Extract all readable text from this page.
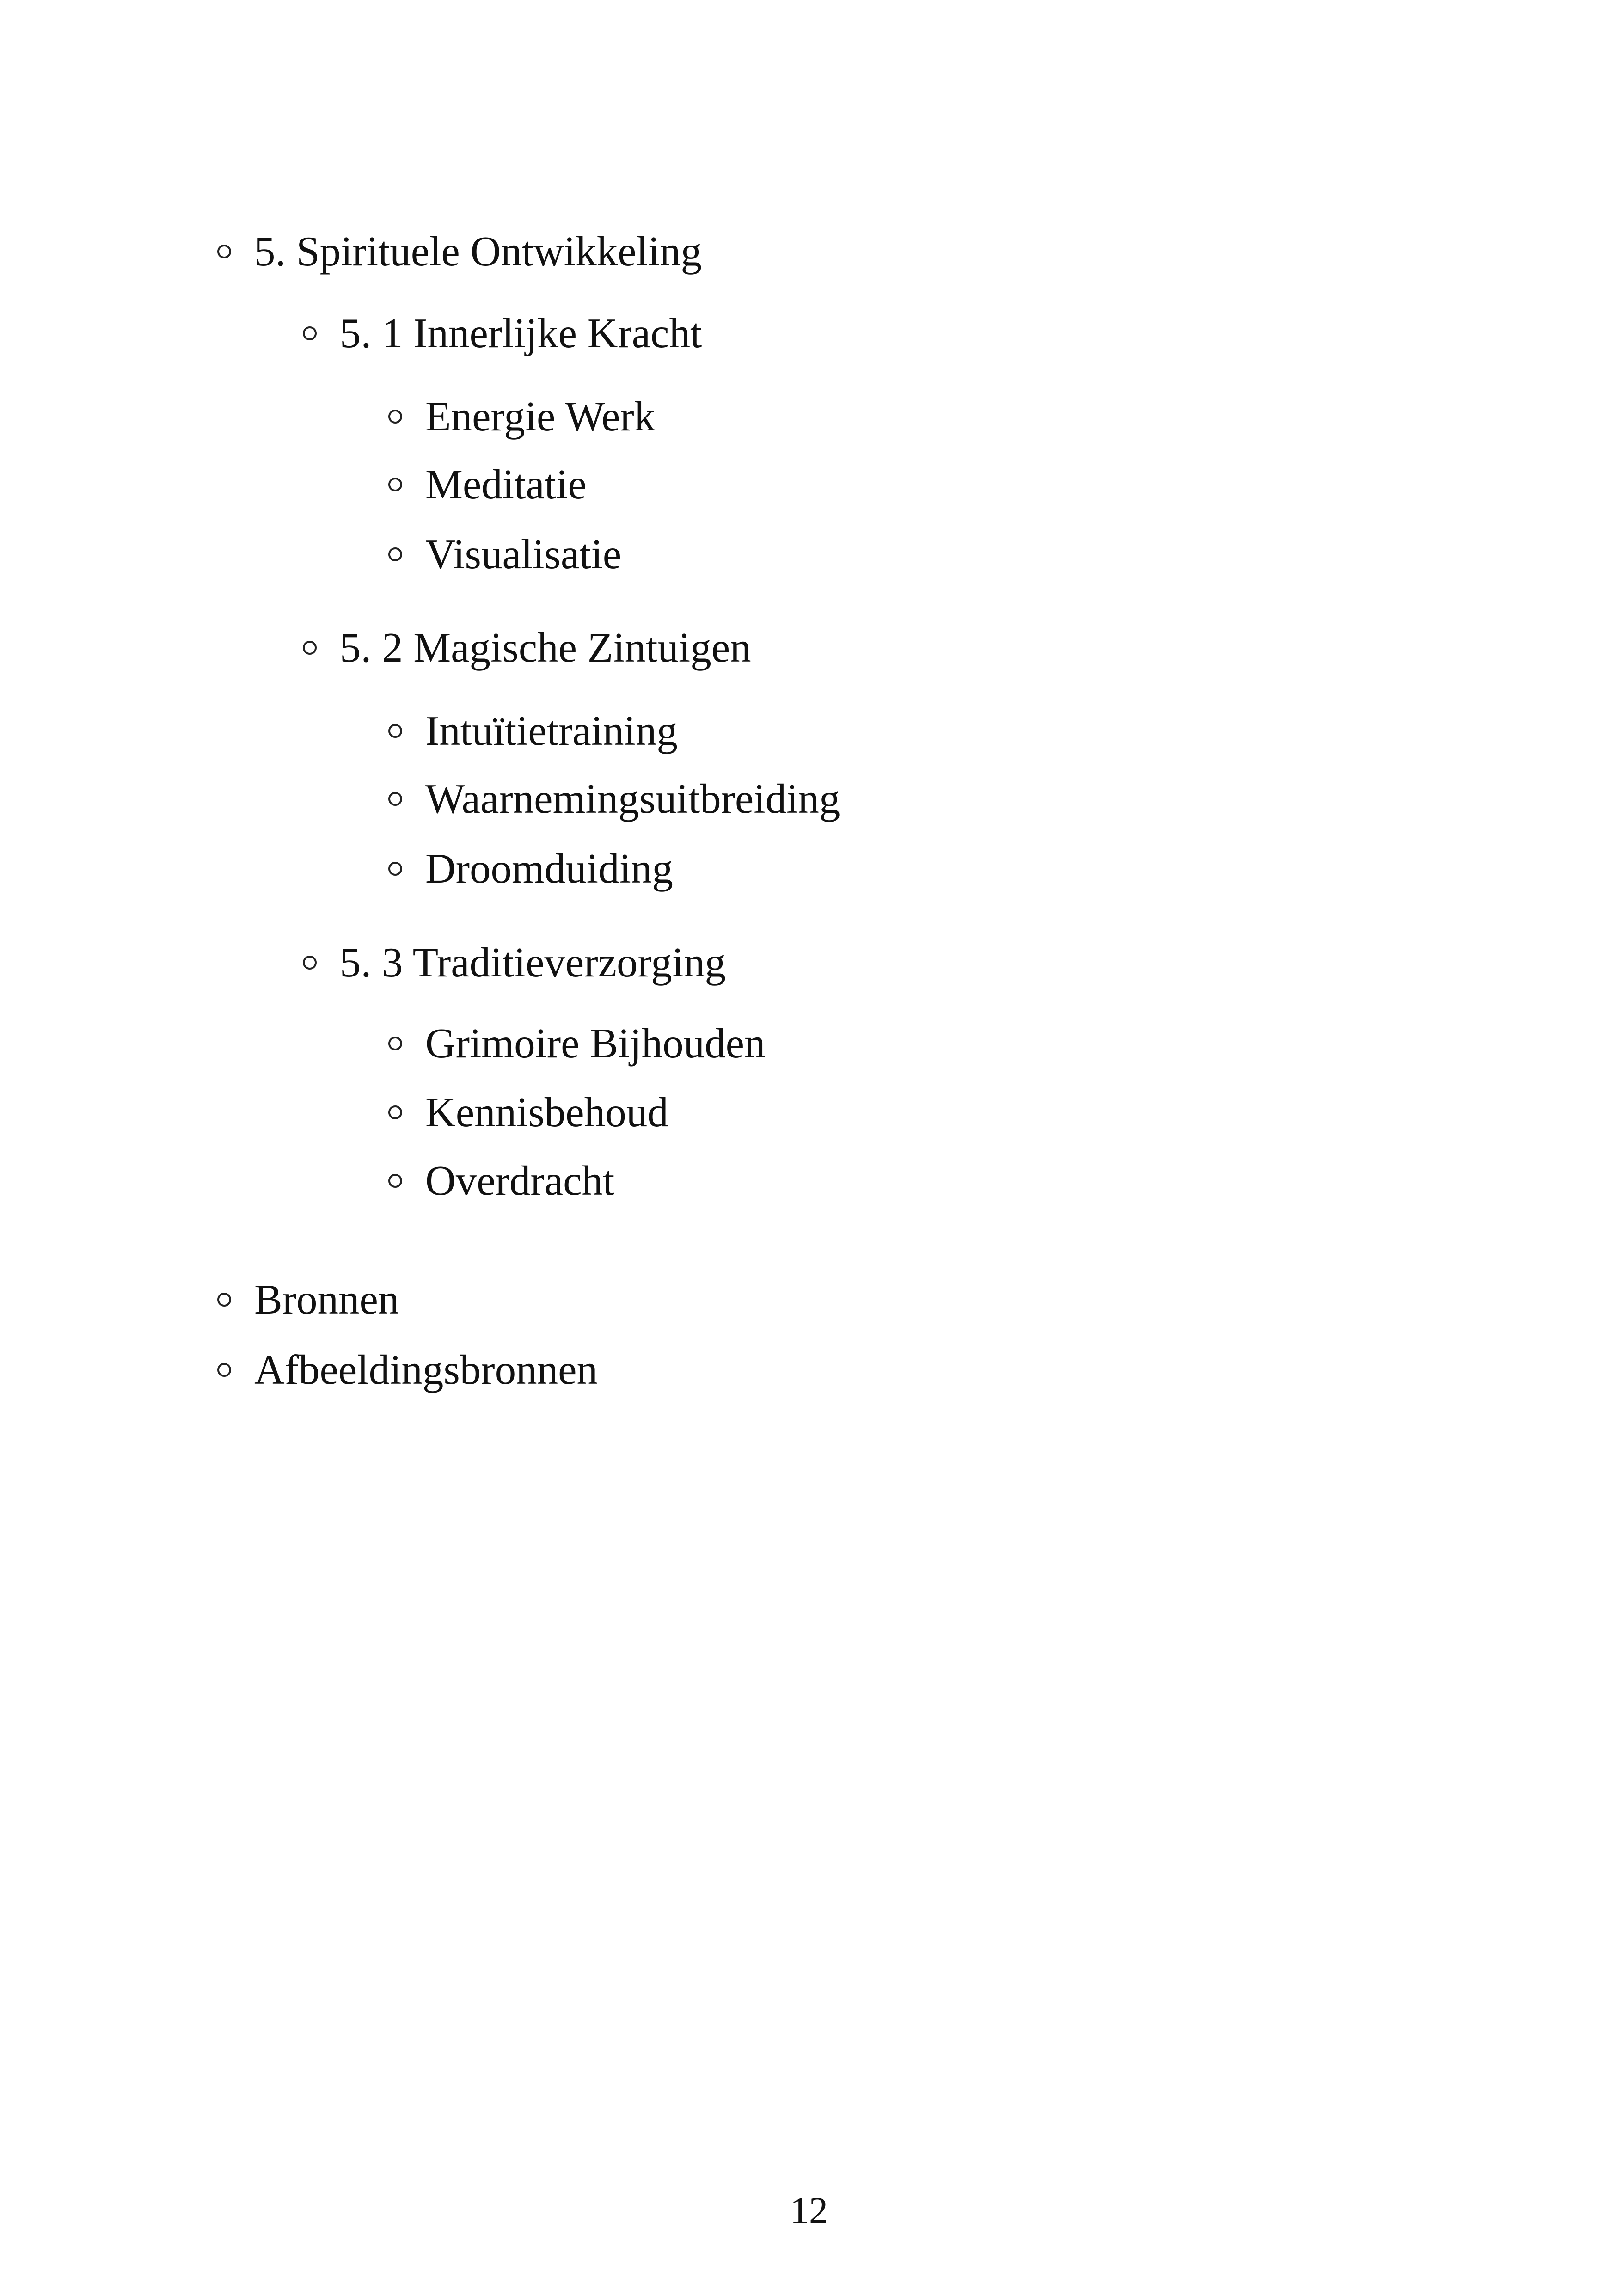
5. Spirituele Ontwikkeling
5. 1 Innerlijke Kracht
Energie Werk
Meditatie
Visualisatie
5. 2 Magische Zintuigen
Intuïtietraining
Waarnemingsuitbreiding
Droomduiding
5. 3 Traditieverzorging
Grimoire Bijhouden
Kennisbehoud
Overdracht
Bronnen
Afbeeldingsbronnen
12
